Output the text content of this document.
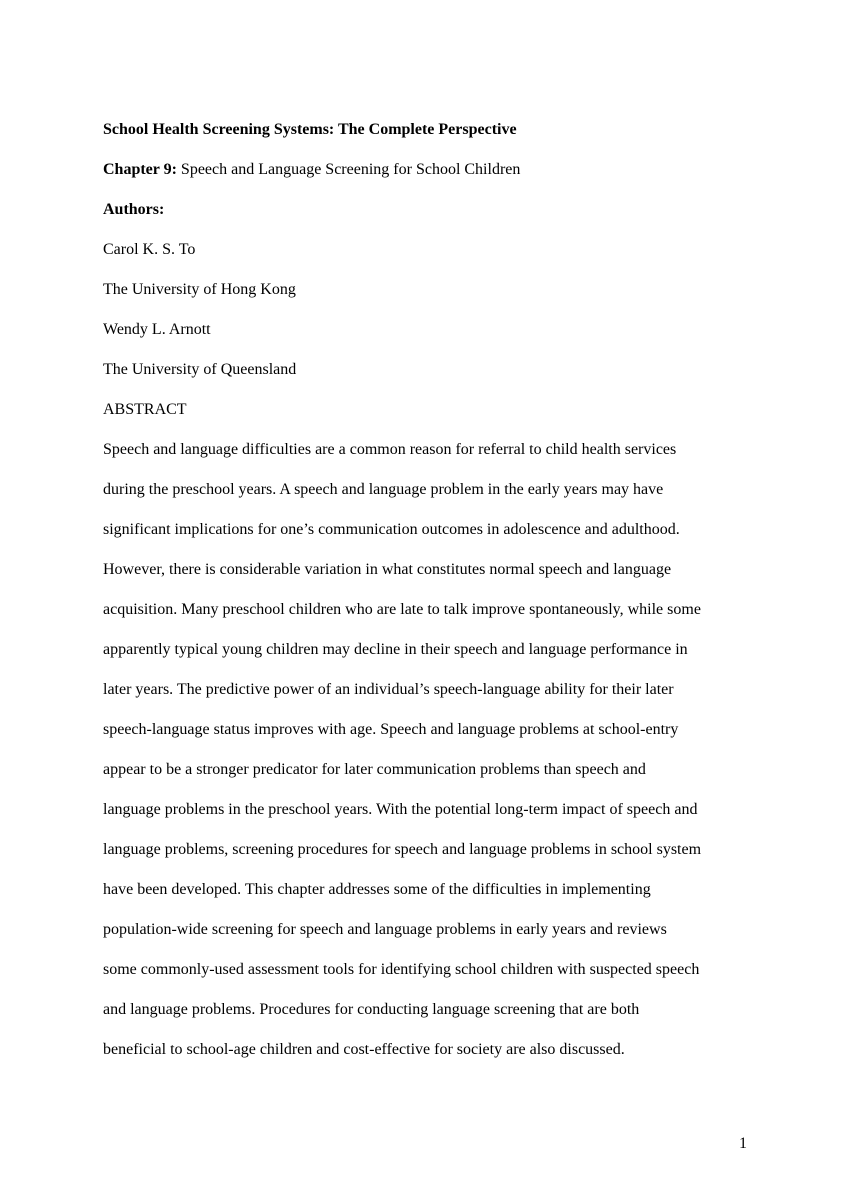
School Health Screening Systems: The Complete Perspective
Chapter 9: Speech and Language Screening for School Children
Authors:
Carol K. S. To
The University of Hong Kong
Wendy L. Arnott
The University of Queensland
ABSTRACT
Speech and language difficulties are a common reason for referral to child health services
during the preschool years. A speech and language problem in the early years may have
significant implications for one’s communication outcomes in adolescence and adulthood.
However, there is considerable variation in what constitutes normal speech and language
acquisition. Many preschool children who are late to talk improve spontaneously, while some
apparently typical young children may decline in their speech and language performance in
later years. The predictive power of an individual’s speech-language ability for their later
speech-language status improves with age. Speech and language problems at school-entry
appear to be a stronger predicator for later communication problems than speech and
language problems in the preschool years. With the potential long-term impact of speech and
language problems, screening procedures for speech and language problems in school system
have been developed. This chapter addresses some of the difficulties in implementing
population-wide screening for speech and language problems in early years and reviews
some commonly-used assessment tools for identifying school children with suspected speech
and language problems. Procedures for conducting language screening that are both
beneficial to school-age children and cost-effective for society are also discussed.
1
